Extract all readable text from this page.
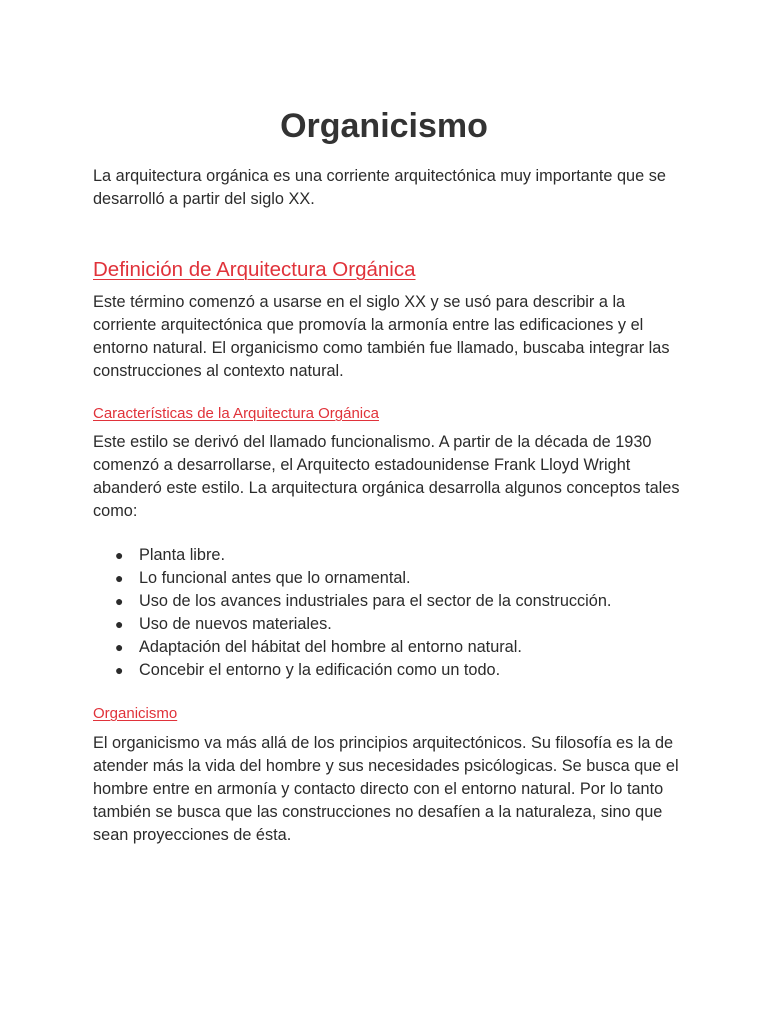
Organicismo

La arquitectura orgánica es una corriente arquitectónica muy importante que se desarrolló a partir del siglo XX.

Definición de Arquitectura Orgánica

Este término comenzó a usarse en el siglo XX y se usó para describir a la corriente arquitectónica que promovía la armonía entre las edificaciones y el entorno natural. El organicismo como también fue llamado, buscaba integrar las construcciones al contexto natural.

Características de la Arquitectura Orgánica

Este estilo se derivó del llamado funcionalismo. A partir de la década de 1930 comenzó a desarrollarse, el Arquitecto estadounidense Frank Lloyd Wright abanderó este estilo. La arquitectura orgánica desarrolla algunos conceptos tales como:

● Planta libre.
● Lo funcional antes que lo ornamental.
● Uso de los avances industriales para el sector de la construcción.
● Uso de nuevos materiales.
● Adaptación del hábitat del hombre al entorno natural.
● Concebir el entorno y la edificación como un todo.
Organicismo

El organicismo va más allá de los principios arquitectónicos. Su filosofía es la de atender más la vida del hombre y sus necesidades psicólogicas. Se busca que el hombre entre en armonía y contacto directo con el entorno natural. Por lo tanto también se busca que las construcciones no desafíen a la naturaleza, sino que sean proyecciones de ésta.
